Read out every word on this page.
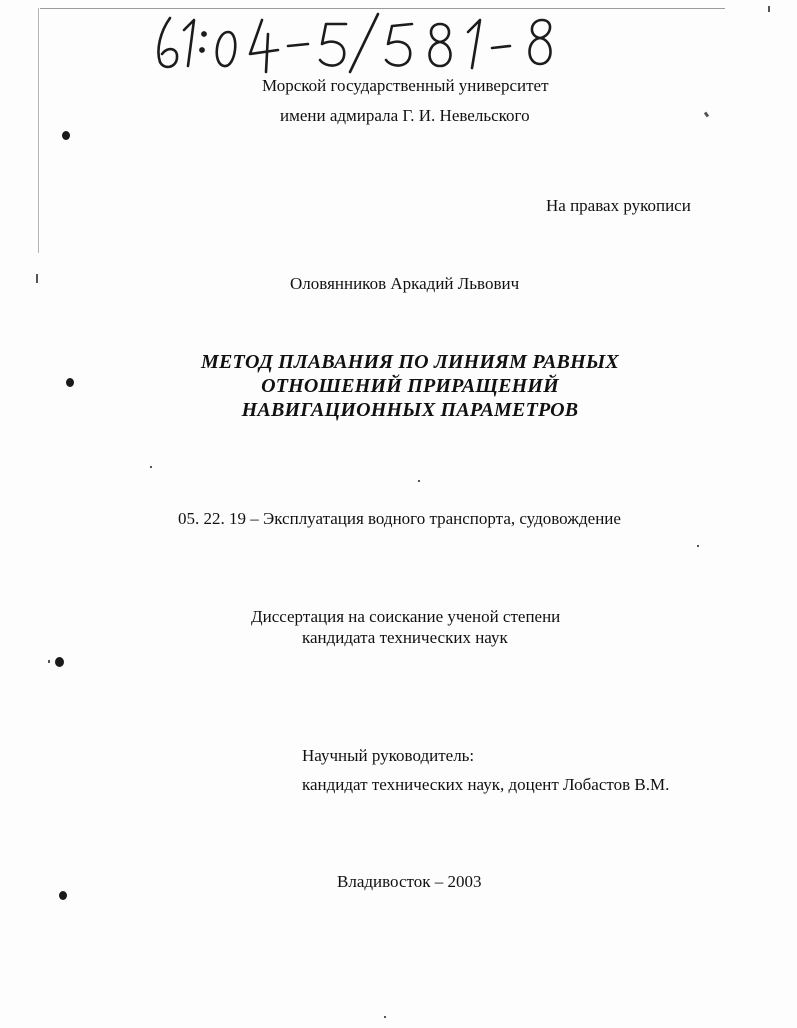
Морской государственный университет
имени адмирала Г. И. Невельского
На правах рукописи
Оловянников Аркадий Львович
МЕТОД ПЛАВАНИЯ ПО ЛИНИЯМ РАВНЫХ
ОТНОШЕНИЙ ПРИРАЩЕНИЙ
НАВИГАЦИОННЫХ ПАРАМЕТРОВ
05. 22. 19 – Эксплуатация водного транспорта, судовождение
Диссертация на соискание ученой степени
кандидата технических наук
Научный руководитель:
кандидат технических наук, доцент Лобастов В.М.
Владивосток – 2003
